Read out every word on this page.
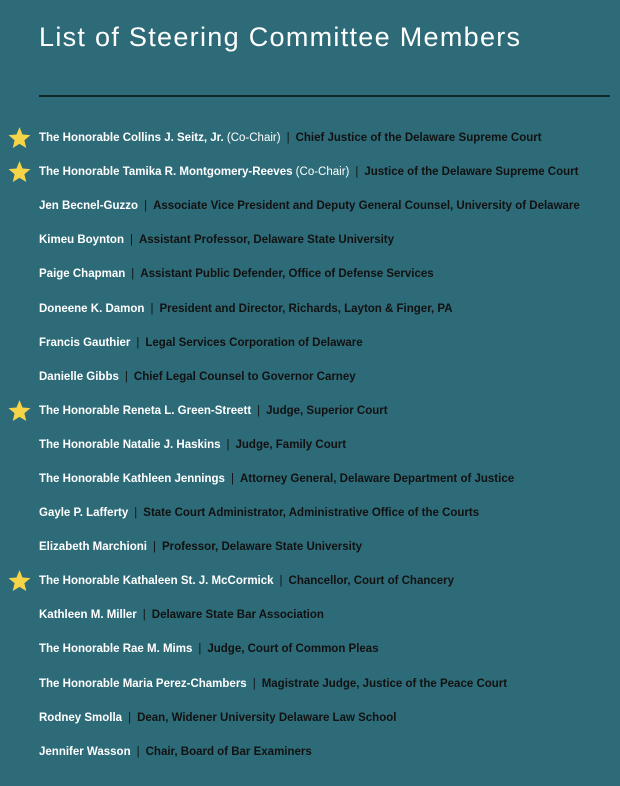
List of Steering Committee Members
The Honorable Collins J. Seitz, Jr. (Co-Chair) | Chief Justice of the Delaware Supreme Court
The Honorable Tamika R. Montgomery-Reeves (Co-Chair) | Justice of the Delaware Supreme Court
Jen Becnel-Guzzo | Associate Vice President and Deputy General Counsel, University of Delaware
Kimeu Boynton | Assistant Professor, Delaware State University
Paige Chapman | Assistant Public Defender, Office of Defense Services
Doneene K. Damon | President and Director, Richards, Layton & Finger, PA
Francis Gauthier | Legal Services Corporation of Delaware
Danielle Gibbs | Chief Legal Counsel to Governor Carney
The Honorable Reneta L. Green-Streett | Judge, Superior Court
The Honorable Natalie J. Haskins | Judge, Family Court
The Honorable Kathleen Jennings | Attorney General, Delaware Department of Justice
Gayle P. Lafferty | State Court Administrator, Administrative Office of the Courts
Elizabeth Marchioni | Professor, Delaware State University
The Honorable Kathaleen St. J. McCormick | Chancellor, Court of Chancery
Kathleen M. Miller | Delaware State Bar Association
The Honorable Rae M. Mims | Judge, Court of Common Pleas
The Honorable Maria Perez-Chambers | Magistrate Judge, Justice of the Peace Court
Rodney Smolla | Dean, Widener University Delaware Law School
Jennifer Wasson | Chair, Board of Bar Examiners
